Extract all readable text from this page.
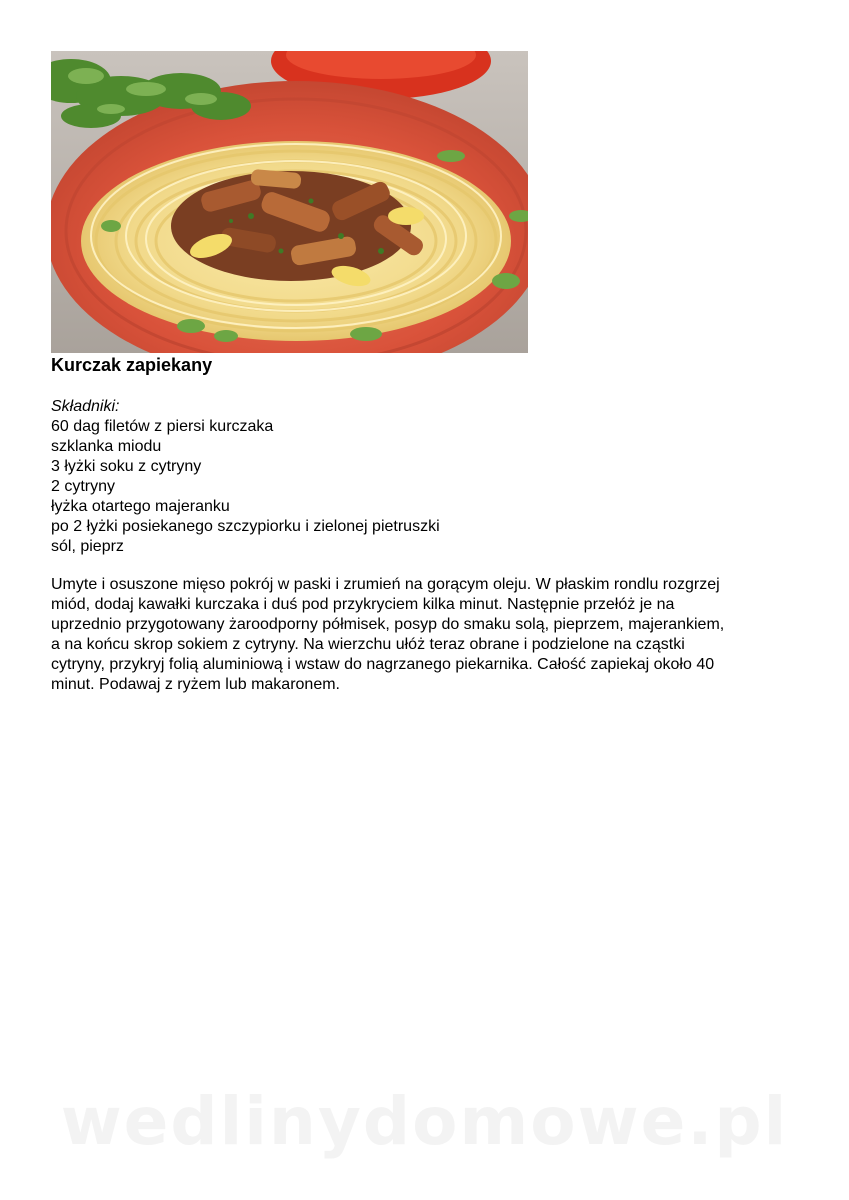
Kurczak zapiekany
Składniki:
60 dag filetów z piersi kurczaka
szklanka miodu
3 łyżki soku z cytryny
2 cytryny
łyżka otartego majeranku
po 2 łyżki posiekanego szczypiorku i zielonej pietruszki
sól, pieprz

Umyte i osuszone mięso pokrój w paski i zrumień na gorącym oleju. W płaskim rondlu rozgrzej
miód, dodaj kawałki kurczaka i duś pod przykryciem kilka minut. Następnie przełóż je na
uprzednio przygotowany żaroodporny półmisek, posyp do smaku solą, pieprzem, majerankiem,
a na końcu skrop sokiem z cytryny. Na wierzchu ułóż teraz obrane i podzielone na cząstki
cytryny, przykryj folią aluminiową i wstaw do nagrzanego piekarnika. Całość zapiekaj około 40
minut. Podawaj z ryżem lub makaronem.

wedlinydomowe.pl
